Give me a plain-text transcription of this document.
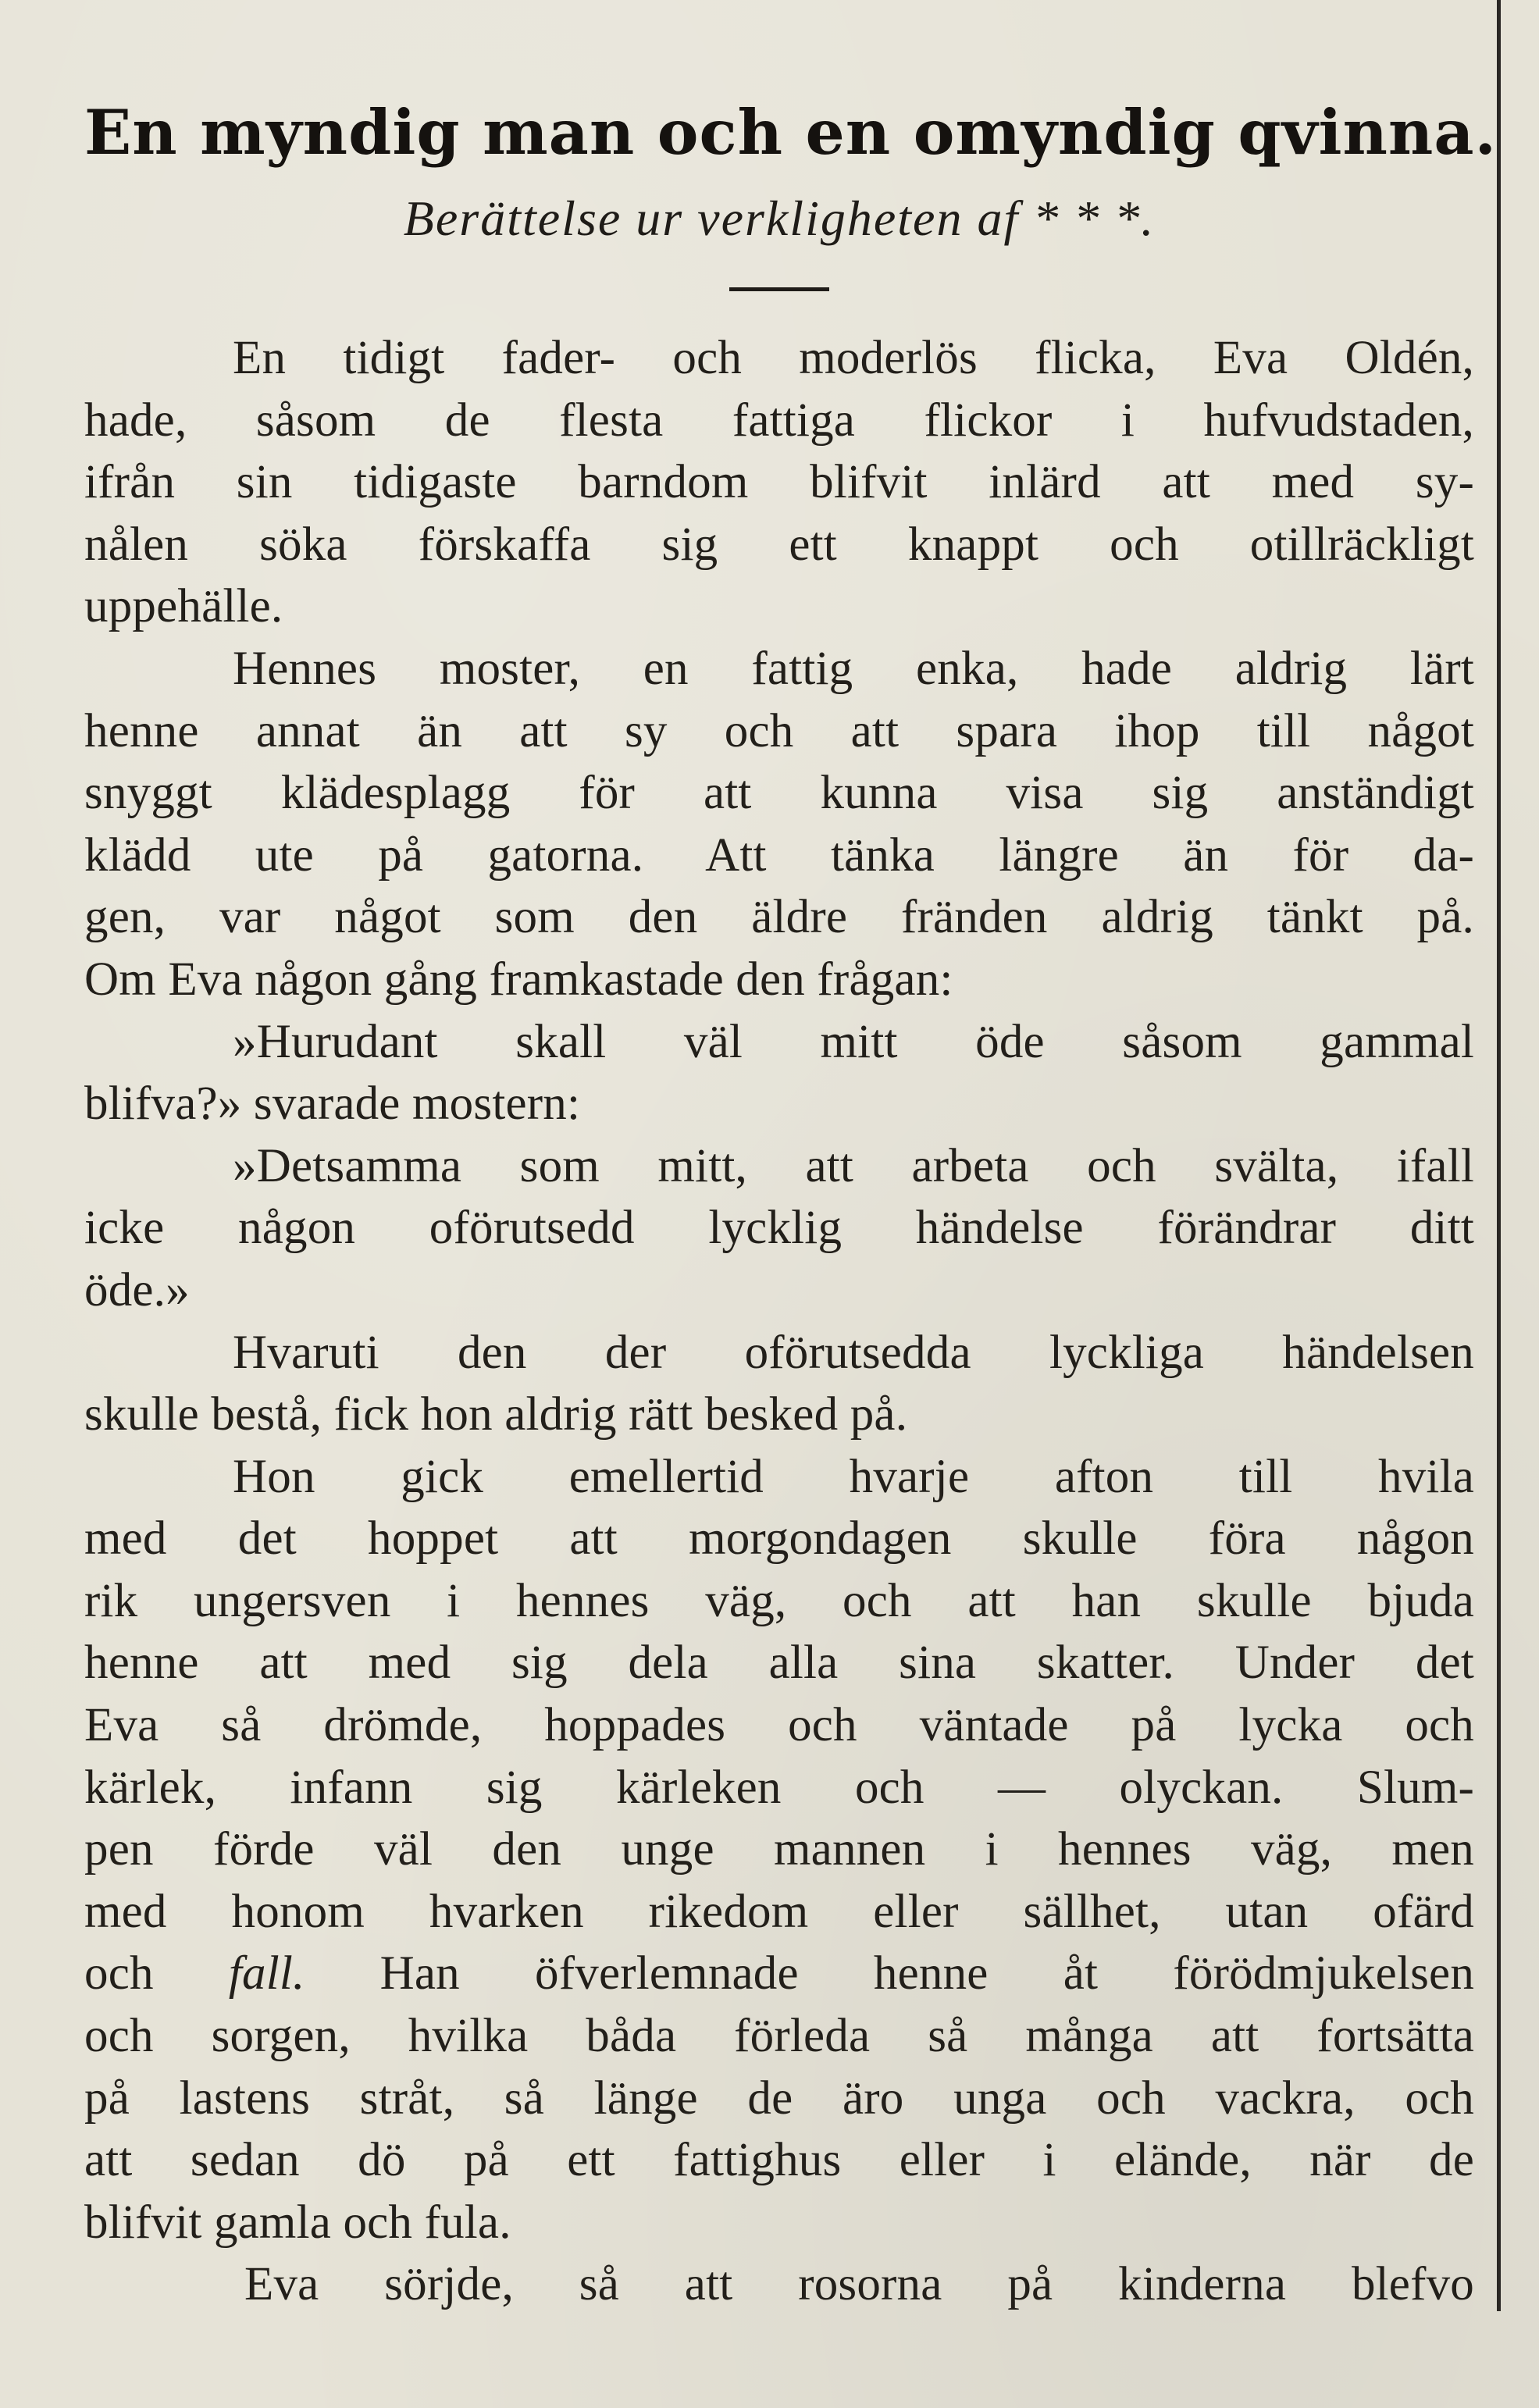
En myndig man och en omyndig qvinna.

Berättelse ur verkligheten af * * *.

En tidigt fader- och moderlös flicka, Eva Oldén,
hade, såsom de flesta fattiga flickor i hufvudstaden,
ifrån sin tidigaste barndom blifvit inlärd att med sy-
nålen söka förskaffa sig ett knappt och otillräckligt
uppehälle.

Hennes moster, en fattig enka, hade aldrig lärt
henne annat än att sy och att spara ihop till något
snyggt klädesplagg för att kunna visa sig anständigt
klädd ute på gatorna. Att tänka längre än för da-
gen, var något som den äldre fränden aldrig tänkt på.
Om Eva någon gång framkastade den frågan:

»Hurudant skall väl mitt öde såsom gammal
blifva?» svarade mostern:

»Detsamma som mitt, att arbeta och svälta, ifall
icke någon oförutsedd lycklig händelse förändrar ditt
öde.»

Hvaruti den der oförutsedda lyckliga händelsen
skulle bestå, fick hon aldrig rätt besked på.

Hon gick emellertid hvarje afton till hvila
med det hoppet att morgondagen skulle föra någon
rik ungersven i hennes väg, och att han skulle bjuda
henne att med sig dela alla sina skatter. Under det
Eva så drömde, hoppades och väntade på lycka och
kärlek, infann sig kärleken och — olyckan. Slum-
pen förde väl den unge mannen i hennes väg, men
med honom hvarken rikedom eller sällhet, utan ofärd
och fall. Han öfverlemnade henne åt förödmjukelsen
och sorgen, hvilka båda förleda så många att fortsätta
på lastens stråt, så länge de äro unga och vackra, och
att sedan dö på ett fattighus eller i elände, när de
blifvit gamla och fula.

Eva sörjde, så att rosorna på kinderna blefvo
